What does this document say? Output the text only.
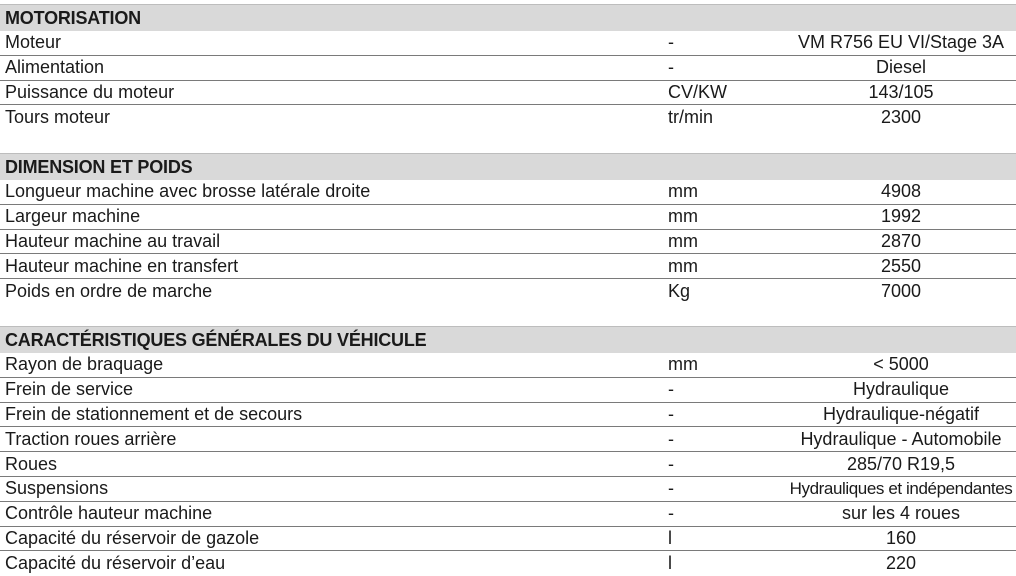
MOTORISATION
Moteur	-	VM R756 EU VI/Stage 3A
Alimentation	-	Diesel
Puissance du moteur	CV/KW	143/105
Tours moteur	tr/min	2300
DIMENSION ET POIDS
Longueur machine avec brosse latérale droite	mm	4908
Largeur machine	mm	1992
Hauteur machine au travail	mm	2870
Hauteur machine en transfert	mm	2550
Poids en ordre de marche	Kg	7000
CARACTÉRISTIQUES GÉNÉRALES DU VÉHICULE
Rayon de braquage	mm	< 5000
Frein de service	-	Hydraulique
Frein de stationnement et de secours	-	Hydraulique-négatif
Traction roues arrière	-	Hydraulique - Automobile
Roues	-	285/70 R19,5
Suspensions	-	Hydrauliques et indépendantes
Contrôle hauteur machine	-	sur les 4 roues
Capacité du réservoir de gazole	l	160
Capacité du réservoir d’eau	l	220
